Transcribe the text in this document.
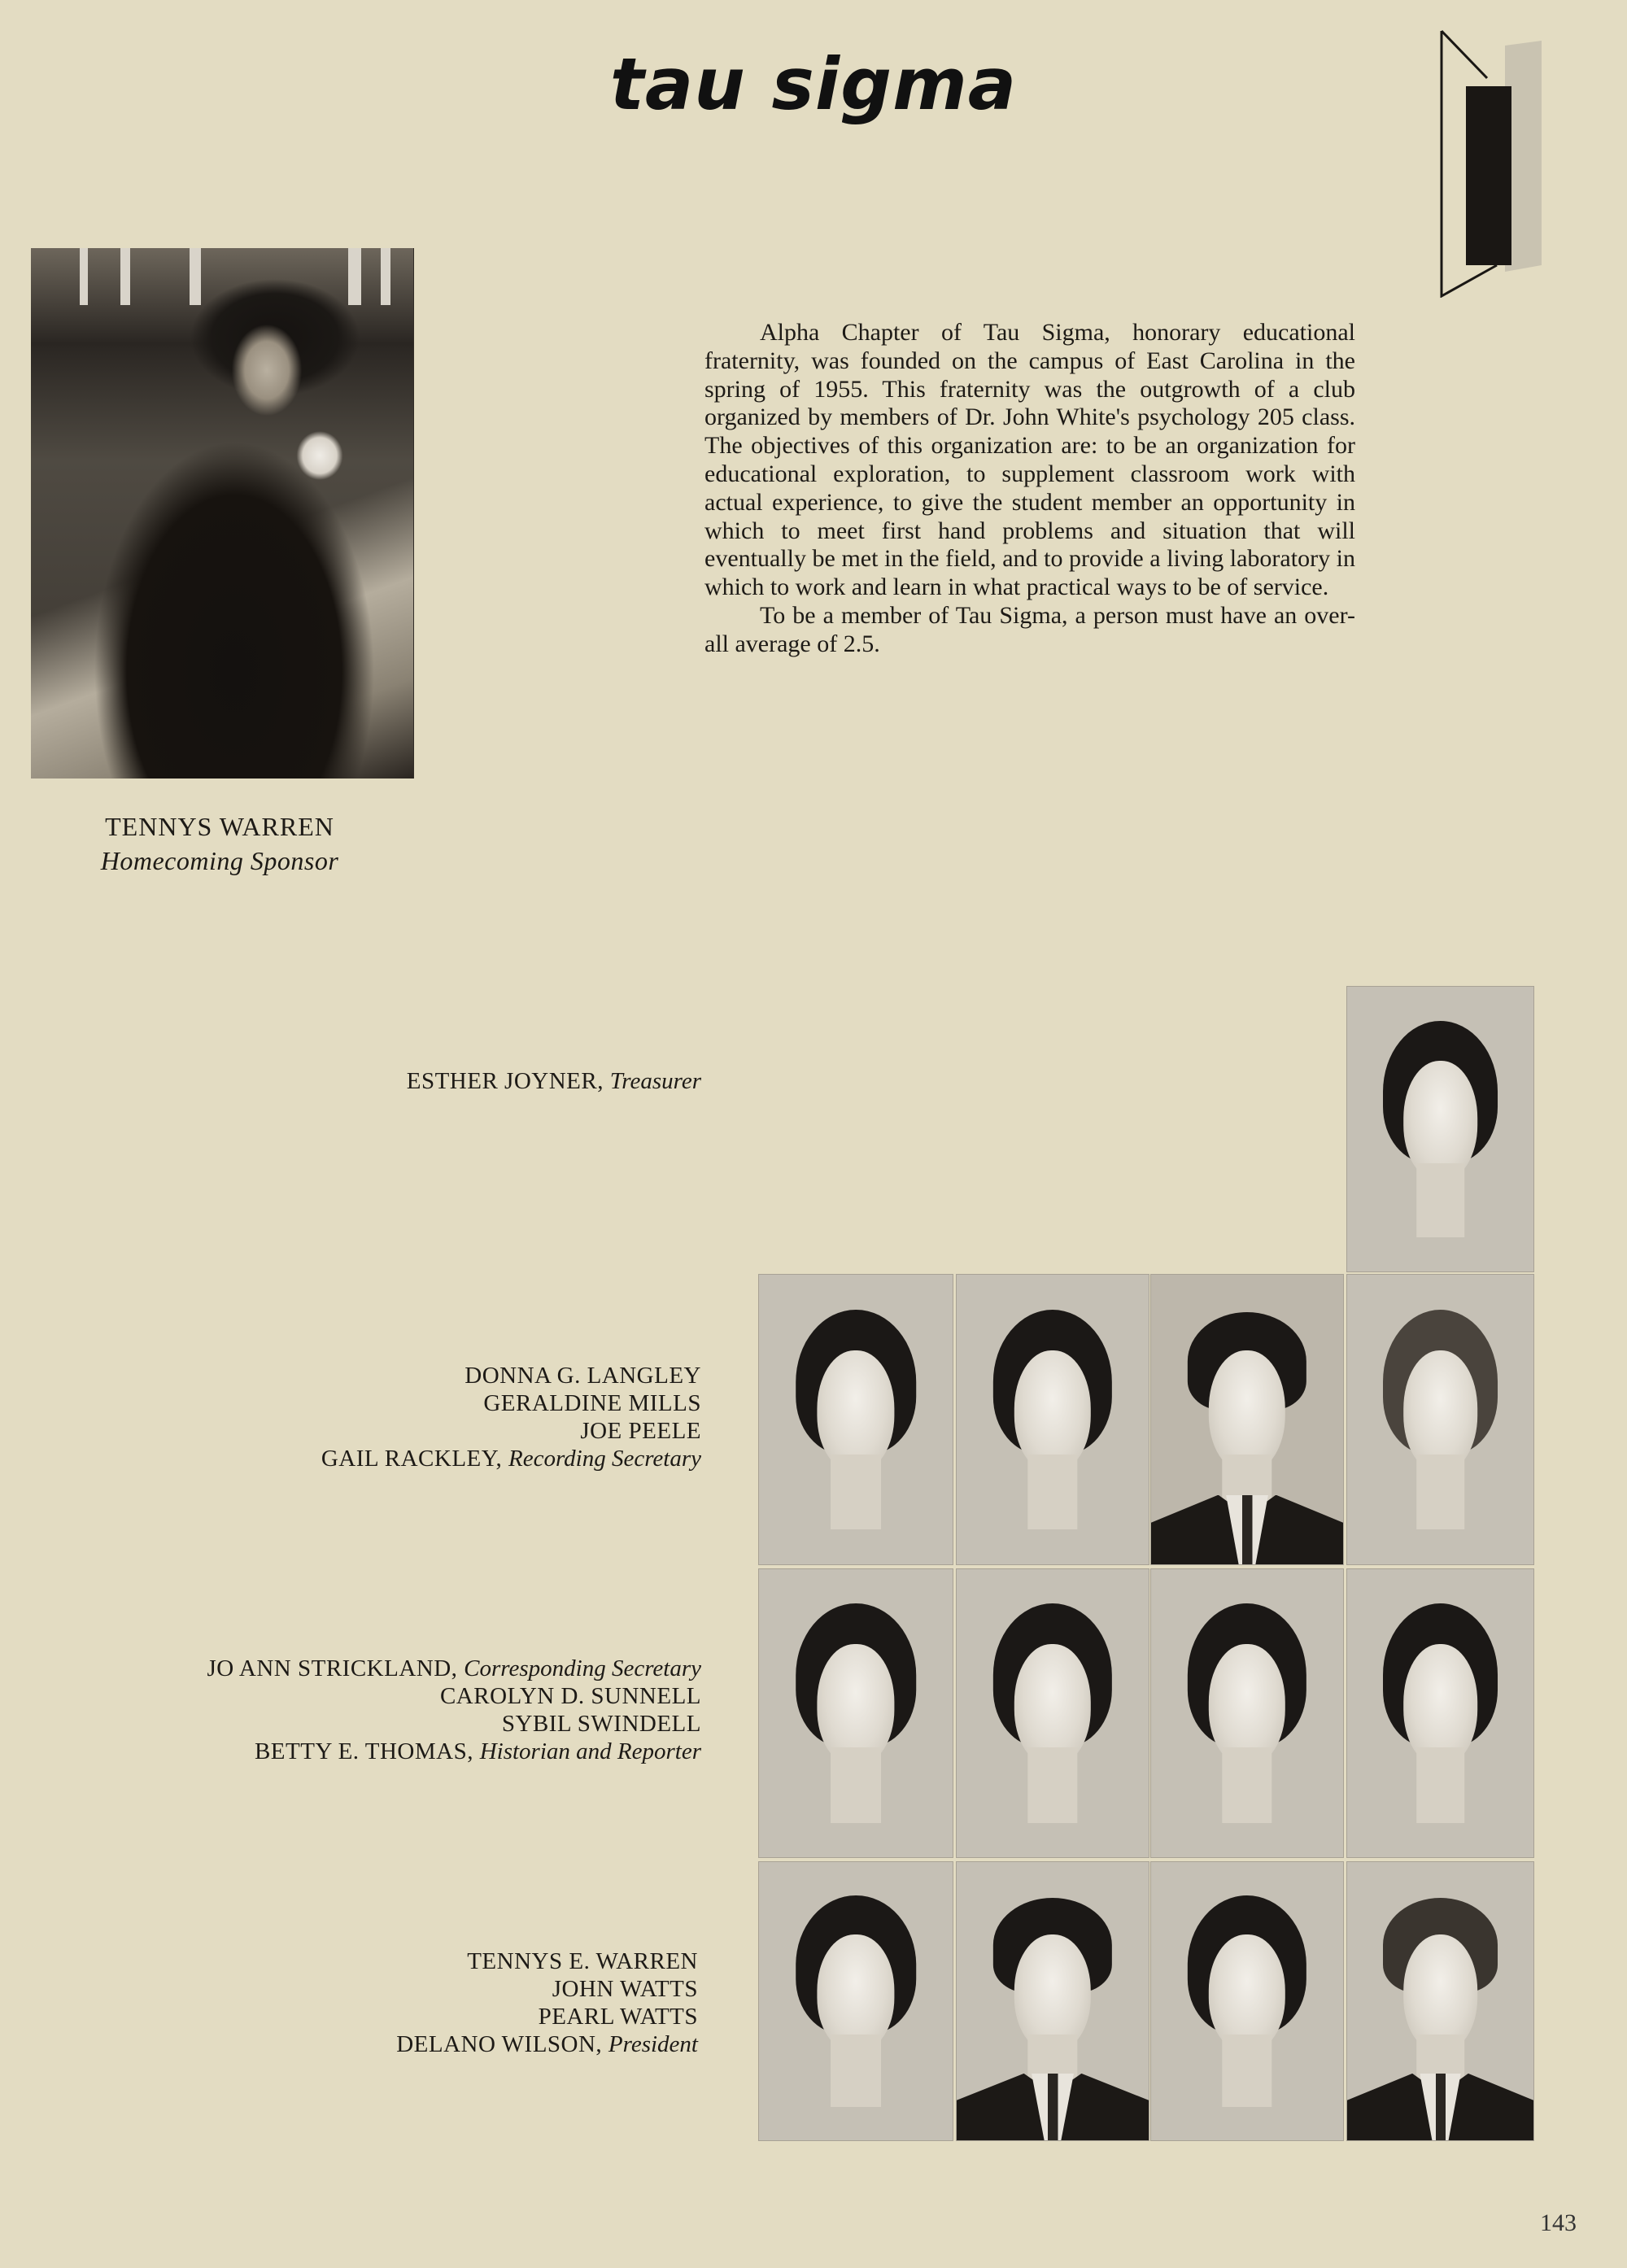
tau sigma
TENNYS WARREN
Homecoming Sponsor

Alpha Chapter of Tau Sigma, honorary educational fraternity, was founded on the campus of East Carolina in the spring of 1955. This fraternity was the outgrowth of a club organized by members of Dr. John White's psychology 205 class. The objectives of this organization are: to be an organization for educational exploration, to supplement classroom work with actual experience, to give the student member an opportunity in which to meet first hand problems and situation that will eventually be met in the field, and to provide a living laboratory in which to work and learn in what practical ways to be of service.

To be a member of Tau Sigma, a person must have an over-all average of 2.5.

ESTHER JOYNER, Treasurer
DONNA G. LANGLEY
GERALDINE MILLS
JOE PEELE
GAIL RACKLEY, Recording Secretary
JO ANN STRICKLAND, Corresponding Secretary
CAROLYN D. SUNNELL
SYBIL SWINDELL
BETTY E. THOMAS, Historian and Reporter
TENNYS E. WARREN
JOHN WATTS
PEARL WATTS
DELANO WILSON, President
143
